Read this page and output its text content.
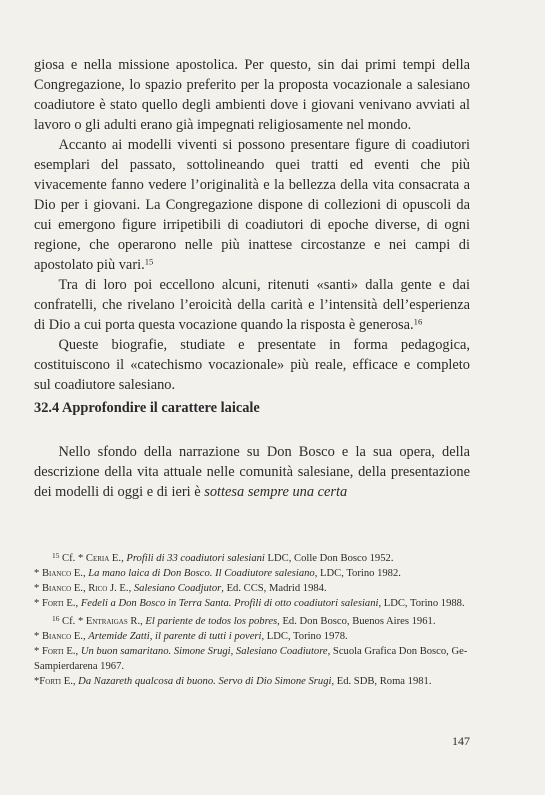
giosa e nella missione apostolica. Per questo, sin dai primi tempi della Congregazione, lo spazio preferito per la proposta vocazionale a salesiano coadiutore è stato quello degli ambienti dove i giovani venivano avviati al lavoro o gli adulti erano già impegnati religiosamente nel mondo.

Accanto ai modelli viventi si possono presentare figure di coadiutori esemplari del passato, sottolineando quei tratti ed eventi che più vivacemente fanno vedere l’originalità e la bellezza della vita consacrata a Dio per i giovani. La Congregazione dispone di collezioni di opuscoli da cui emergono figure irripetibili di coadiutori di epoche diverse, di ogni regione, che operarono nelle più inattese circostanze e nei campi di apostolato più vari.$^{15}$

Tra di loro poi eccellono alcuni, ritenuti «santi» dalla gente e dai confratelli, che rivelano l’eroicità della carità e l’intensità dell’esperienza di Dio a cui porta questa vocazione quando la risposta è generosa.$^{16}$

Queste biografie, studiate e presentate in forma pedagogica, costituiscono il «catechismo vocazionale» più reale, efficace e completo sul coadiutore salesiano.

32.4 Approfondire il carattere laicale

Nello sfondo della narrazione su Don Bosco e la sua opera, della descrizione della vita attuale nelle comunità salesiane, della presentazione dei modelli di oggi e di ieri è sottesa sempre una certa

$^{15}$ Cf. * Ceria E., Profili di 33 coadiutori salesiani LDC, Colle Don Bosco 1952.

* Bianco E., La mano laica di Don Bosco. Il Coadiutore salesiano, LDC, Torino 1982.

* Bianco E., Rico J. E., Salesiano Coadjutor, Ed. CCS, Madrid 1984.

* Forti E., Fedeli a Don Bosco in Terra Santa. Profili di otto coadiutori salesiani, LDC, Torino 1988.

$^{16}$ Cf. * Entraigas R., El pariente de todos los pobres, Ed. Don Bosco, Buenos Aires 1961.

* Bianco E., Artemide Zatti, il parente di tutti i poveri, LDC, Torino 1978.

* Forti E., Un buon samaritano. Simone Srugi, Salesiano Coadiutore, Scuola Grafica Don Bosco, Ge-Sampierdarena 1967.

*Forti E., Da Nazareth qualcosa di buono. Servo di Dio Simone Srugi, Ed. SDB, Roma 1981.

147
